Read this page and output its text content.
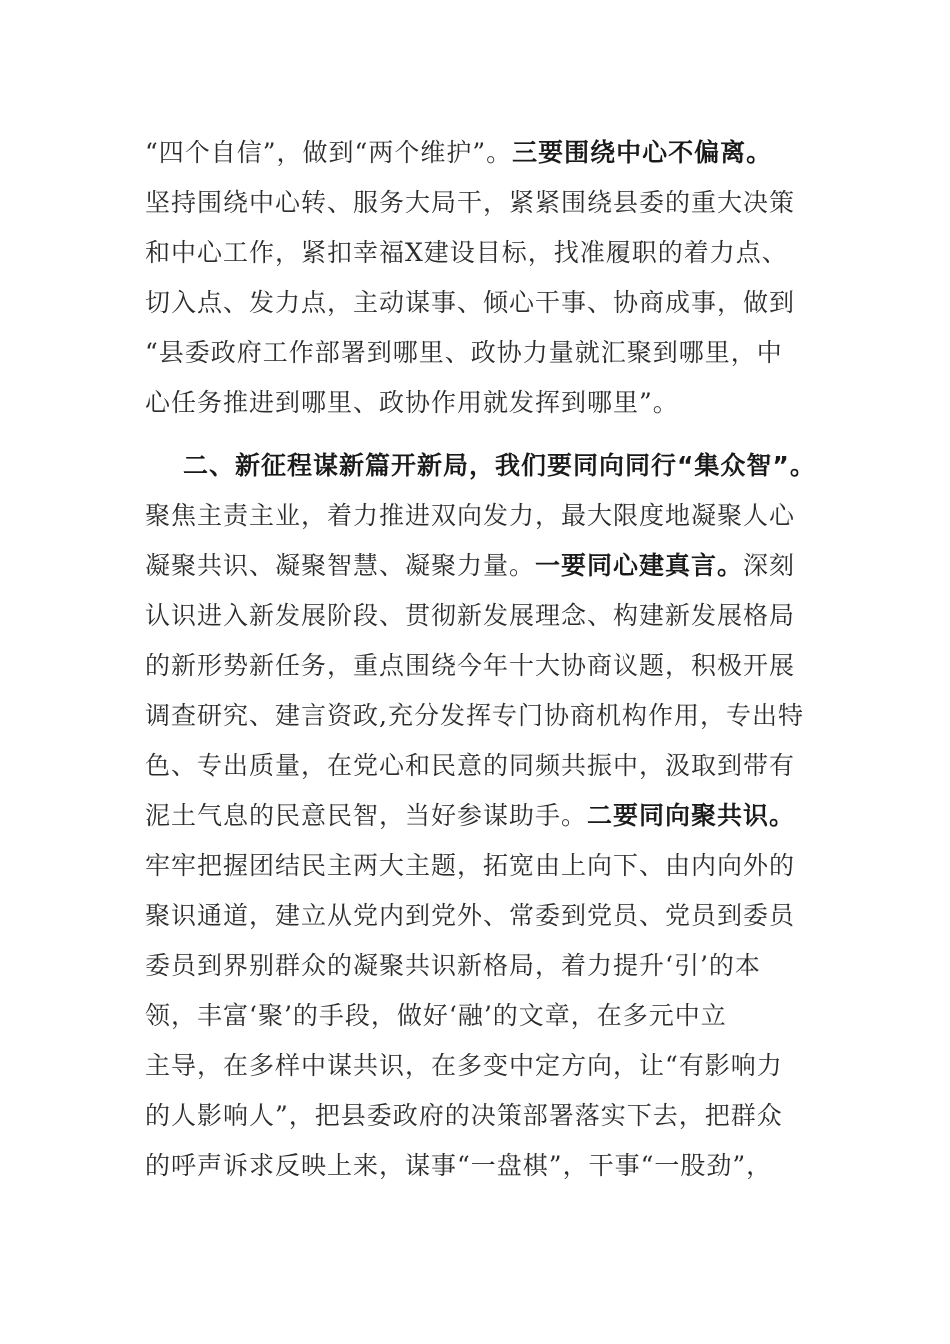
“四个自信”，做到“两个维护”。三要围绕中心不偏离。
坚持围绕中心转、服务大局干，紧紧围绕县委的重大决策
和中心工作，紧扣幸福X建设目标，找准履职的着力点、
切入点、发力点，主动谋事、倾心干事、协商成事，做到
“县委政府工作部署到哪里、政协力量就汇聚到哪里，中
心任务推进到哪里、政协作用就发挥到哪里”。
二、新征程谋新篇开新局，我们要同向同行“集众智”。
聚焦主责主业，着力推进双向发力，最大限度地凝聚人心
凝聚共识、凝聚智慧、凝聚力量。一要同心建真言。深刻
认识进入新发展阶段、贯彻新发展理念、构建新发展格局
的新形势新任务，重点围绕今年十大协商议题，积极开展
调查研究、建言资政,充分发挥专门协商机构作用，专出特
色、专出质量，在党心和民意的同频共振中，汲取到带有
泥土气息的民意民智，当好参谋助手。二要同向聚共识。
牢牢把握团结民主两大主题，拓宽由上向下、由内向外的
聚识通道，建立从党内到党外、常委到党员、党员到委员
委员到界别群众的凝聚共识新格局，着力提升‘引’的本
领，丰富‘聚’的手段，做好‘融’的文章，在多元中立
主导，在多样中谋共识，在多变中定方向，让“有影响力
的人影响人”，把县委政府的决策部署落实下去，把群众
的呼声诉求反映上来，谋事“一盘棋”，干事“一股劲”，
